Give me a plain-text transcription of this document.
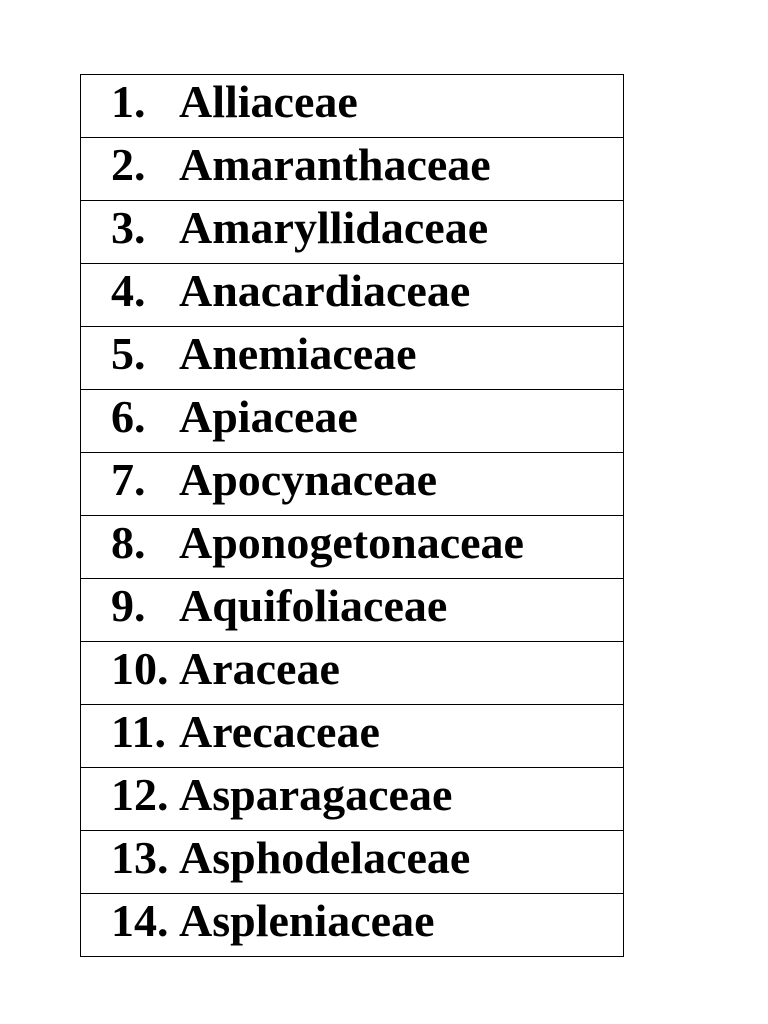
1. Alliaceae

2. Amaranthaceae

3. Amaryllidaceae

4. Anacardiaceae

5. Anemiaceae

6. Apiaceae

7. Apocynaceae

8. Aponogetonaceae

9. Aquifoliaceae

10. Araceae

11. Arecaceae

12. Asparagaceae

13. Asphodelaceae

14. Aspleniaceae
